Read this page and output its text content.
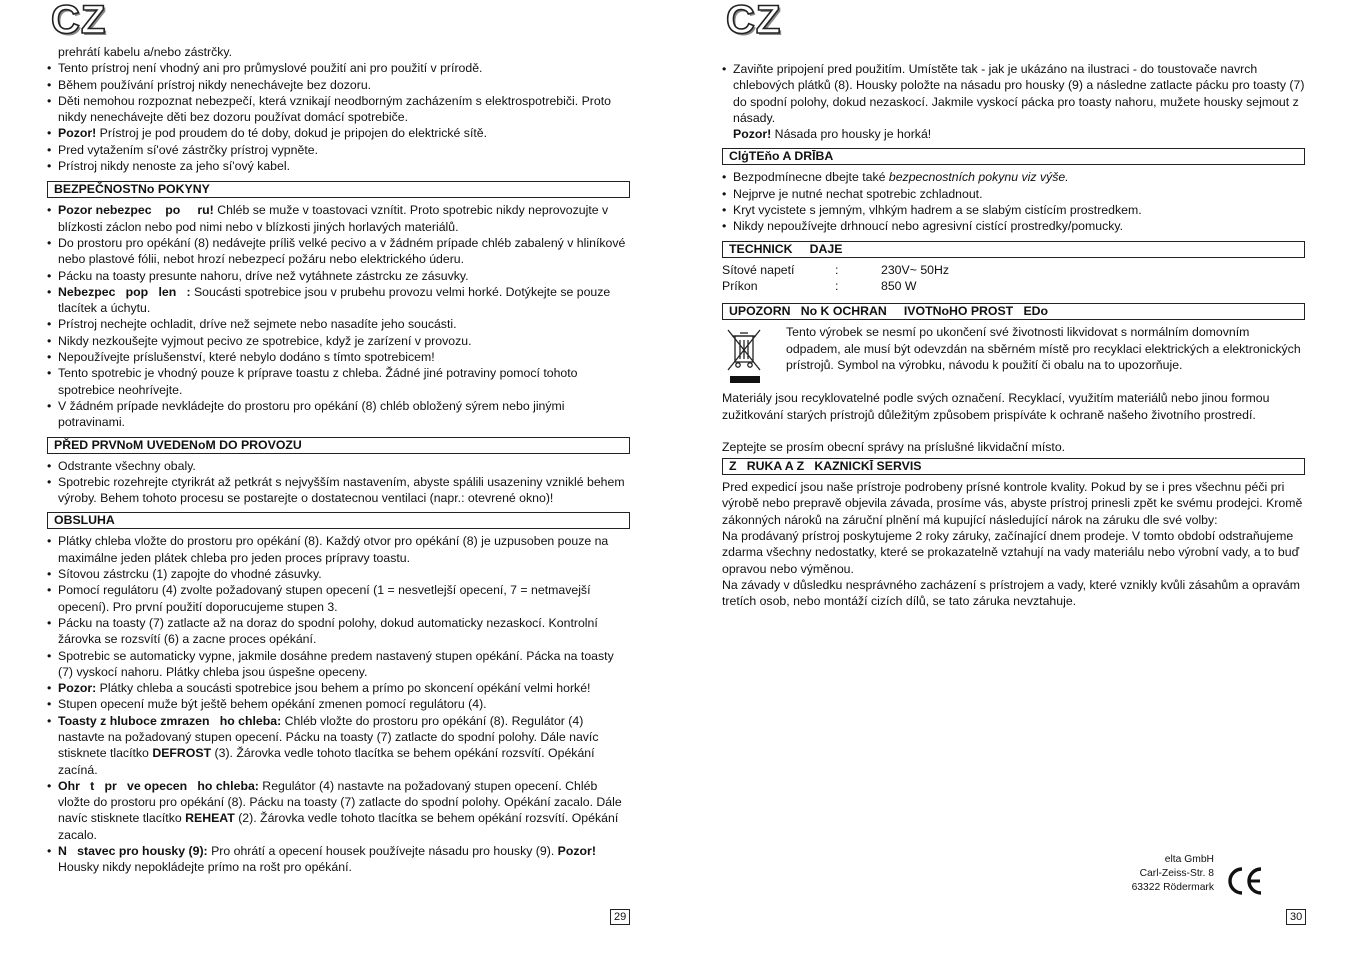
CZ
prehrátí kabelu a/nebo zástrčky.
• Tento prístroj není vhodný ani pro průmyslové použití ani pro použití v prírodě.
• Během používání prístroj nikdy nenechávejte bez dozoru.
• Děti nemohou rozpoznat nebezpečí, která vznikají neodborným zacházením s elektrospotrebiči. Proto nikdy nenechávejte děti bez dozoru používat domácí spotrebiče.
• Pozor! Prístroj je pod proudem do té doby, dokud je pripojen do elektrické sítě.
• Pred vytažením sí'ové zástrčky prístroj vypněte.
• Prístroj nikdy nenoste za jeho sí'ový kabel.
BEZPEČNOSTNo POKYNY
• Pozor nebezpec    po     ru! Chléb se muže v toastovaci vznítit. Proto spotrebic nikdy neprovozujte v blízkosti záclon nebo pod nimi nebo v blízkosti jiných horlavých materiálů.
• Do prostoru pro opékání (8) nedávejte príliš velké pecivo a v žádném prípade chléb zabalený v hliníkové nebo plastové fólii, nebot hrozí nebezpecí požáru nebo elektrického úderu.
• Pácku na toasty presunte nahoru, dríve než vytáhnete zástrcku ze zásuvky.
• Nebezpec   pop   len   : Soucásti spotrebice jsou v prubehu provozu velmi horké. Dotýkejte se pouze tlacítek a úchytu.
• Prístroj nechejte ochladit, dríve než sejmete nebo nasadíte jeho soucásti.
• Nikdy nezkoušejte vyjmout pecivo ze spotrebice, když je zarízení v provozu.
• Nepoužívejte príslušenství, které nebylo dodáno s tímto spotrebicem!
• Tento spotrebic je vhodný pouze k prípravе toastu z chleba. Žádné jiné potraviny pomocí tohoto spotrebice neohrívejte.
• V žádném prípade nevkládejte do prostoru pro opékání (8) chléb obložený sýrem nebo jinými potravinami.
PŘED PRVNoM UVEDENoM DO PROVOZU
• Odstrante všechny obaly.
• Spotrebic rozehrejte ctyrikrát až petkrát s nejvyšším nastavením, abyste spálili usazeniny vzniklé behem výroby. Behem tohoto procesu se postarejte o dostatecnou ventilaci (napr.: otevrené okno)!
OBSLUHA
• Plátky chleba vložte do prostoru pro opékání (8). Každý otvor pro opékání (8) je uzpusoben pouze na maximálne jeden plátek chleba pro jeden proces prípravy toastu.
• Sítovou zástrcku (1) zapojte do vhodné zásuvky.
• Pomocí regulátoru (4) zvolte požadovaný stupen opecení (1 = nesvetlejší opecení, 7 = netmavejší opecení). Pro první použití doporucujeme stupen 3.
• Pácku na toasty (7) zatlacte až na doraz do spodní polohy, dokud automaticky nezaskocí. Kontrolní žárovka se rozsvítí (6) a zacne proces opékání.
• Spotrebic se automaticky vypne, jakmile dosáhne predem nastavený stupen opékání. Pácka na toasty (7) vyskocí nahoru. Plátky chleba jsou úspešne opeceny.
• Pozor: Plátky chleba a soucásti spotrebice jsou behem a prímo po skoncení opékání velmi horké!
• Stupen opecení muže být ještě behem opékání zmenen pomocí regulátoru (4).
• Toasty z hluboce zmrazen   ho chleba: Chléb vložte do prostoru pro opékání (8). Regulátor (4) nastavte na požadovaný stupen opecení. Pácku na toasty (7) zatlacte do spodní polohy. Dále navíc stisknete tlacítko DEFROST (3). Žárovka vedle tohoto tlacítka se behem opékání rozsvítí. Opékání zacíná.
• Ohr   t   pr   ve opecen   ho chleba: Regulátor (4) nastavte na požadovaný stupen opecení. Chléb vložte do prostoru pro opékání (8). Pácku na toasty (7) zatlacte do spodní polohy. Opékání zacalo. Dále navíc stisknete tlacítko REHEAT (2). Žárovka vedle tohoto tlacítka se behem opékání rozsvítí. Opékání zacalo.
• N   stavec pro housky (9): Pro ohrátí a opecení housek používejte násadu pro housky (9). Pozor! Housky nikdy nepokládejte prímo na rošt pro opékání.
29
CZ
• Zaviňte pripojení pred použitím. Umístěte tak - jak je ukázáno na ilustraci - do toustovače navrch chlebových plátků (8). Housky položte na násadu pro housky (9) a následne zatlacte pácku pro toasty (7) do spodní polohy, dokud nezaskocí. Jakmile vyskocí pácka pro toasty nahoru, mužete housky sejmout z násady.
Pozor! Násada pro housky je horká!
ClġTEňo A DRĪBA
• Bezpodmínecne dbejte také bezpecnostních pokynu viz výše.
• Nejprve je nutné nechat spotrebic zchladnout.
• Kryt vycistete s jemným, vlhkým hadrem a se slabým cistícím prostredkem.
• Nikdy nepoužívejte drhnoucí nebo agresivní cistící prostredky/pomucky.
TECHNICK     DAJE
Sítové napetí	:	230V~ 50Hz
Príkon	:	850 W
UPOZORN   No K OCHRAN     IVOTNoHO PROST   EDo

Tento výrobek se nesmí po ukončení své životnosti likvidovat s normálním domovním odpadem, ale musí být odevzdán na sběrném místě pro recyklaci elektrických a elektronických prístrojů. Symbol na výrobku, návodu k použití či obalu na to upozorňuje.

Materiály jsou recyklovatelné podle svých označení. Recyklací, využitím materiálů nebo jinou formou zužitkování starých prístrojů důležitým způsobem prispíváte k ochraně našeho životního prostredí.

Zeptejte se prosím obecní správy na príslušné likvidační místo.

Z   RUKA A Z   KAZNICKĪ SERVIS

Pred expedicí jsou naše prístroje podrobeny prísné kontrole kvality. Pokud by se i pres všechnu péči pri výrobě nebo prepravě objevila závada, prosíme vás, abyste prístroj prinesli zpět ke svému prodejci. Kromě zákonných nároků na záruční plnění má kupující následující nárok na záruku dle své volby:

Na prodávaný prístroj poskytujeme 2 roky záruky, začínající dnem prodeje. V tomto období odstraňujeme zdarma všechny nedostatky, které se prokazatelně vztahují na vady materiálu nebo výrobní vady, a to buď opravou nebo výměnou.

Na závady v důsledku nesprávného zacházení s prístrojem a vady, které vznikly kvůli zásahům a opravám tretích osob, nebo montáží cizích dílů, se tato záruka nevztahuje.

elta GmbH
Carl-Zeiss-Str. 8
63322 Rödermark
30
